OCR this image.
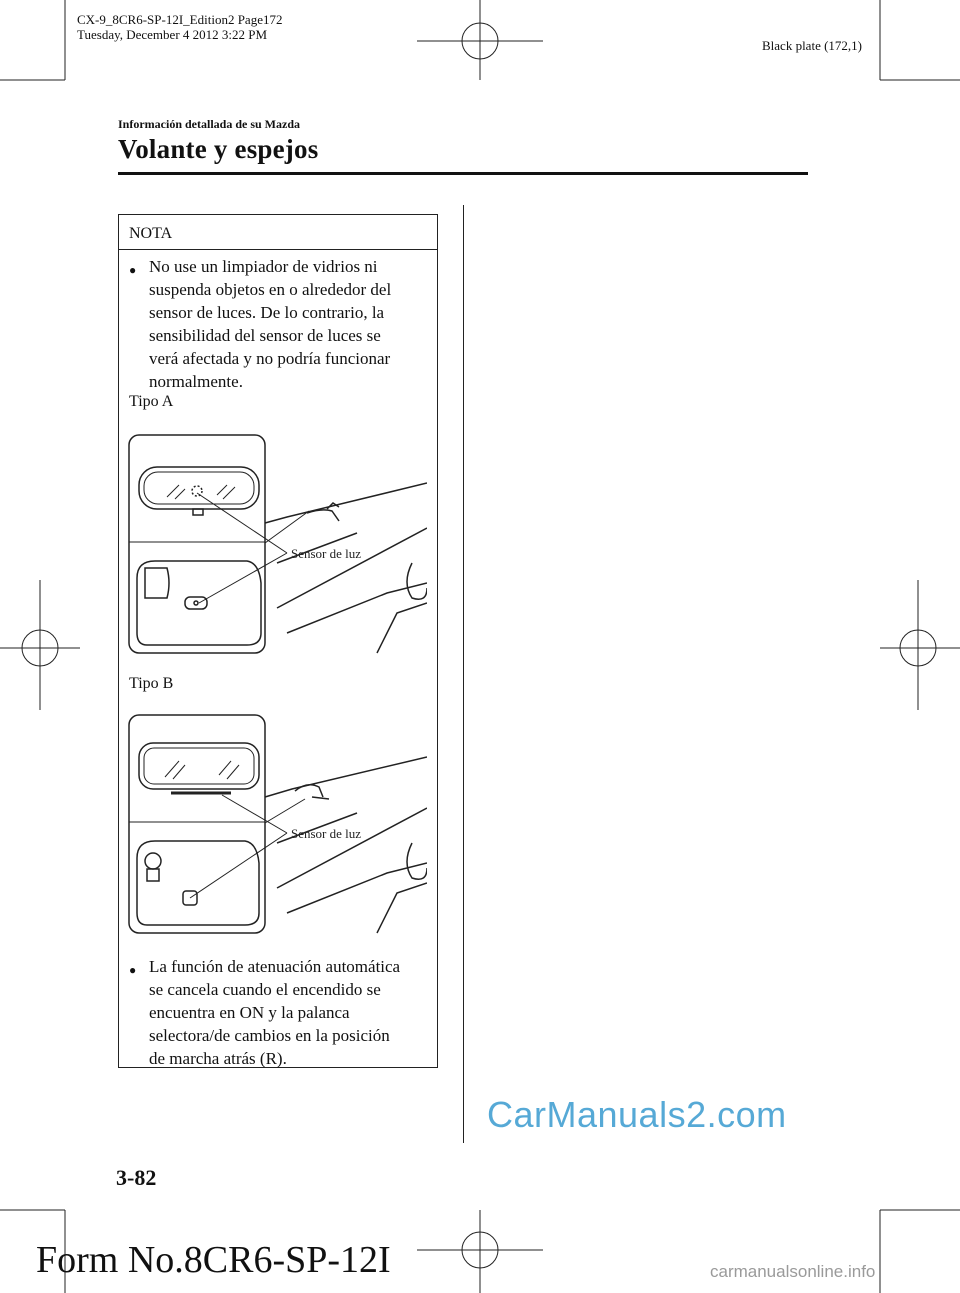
CX-9_8CR6-SP-12I_Edition2 Page172
Tuesday, December 4 2012 3:22 PM
Black plate (172,1)
Información detallada de su Mazda
Volante y espejos
NOTA
● No use un limpiador de vidrios ni
suspenda objetos en o alrededor del
sensor de luces. De lo contrario, la
sensibilidad del sensor de luces se
verá afectada y no podría funcionar
normalmente.
Tipo A
Sensor de luz
Tipo B
Sensor de luz
● La función de atenuación automática
se cancela cuando el encendido se
encuentra en ON y la palanca
selectora/de cambios en la posición
de marcha atrás (R).
CarManuals2.com
3-82
Form No.8CR6-SP-12I	carmanualsonline.info
